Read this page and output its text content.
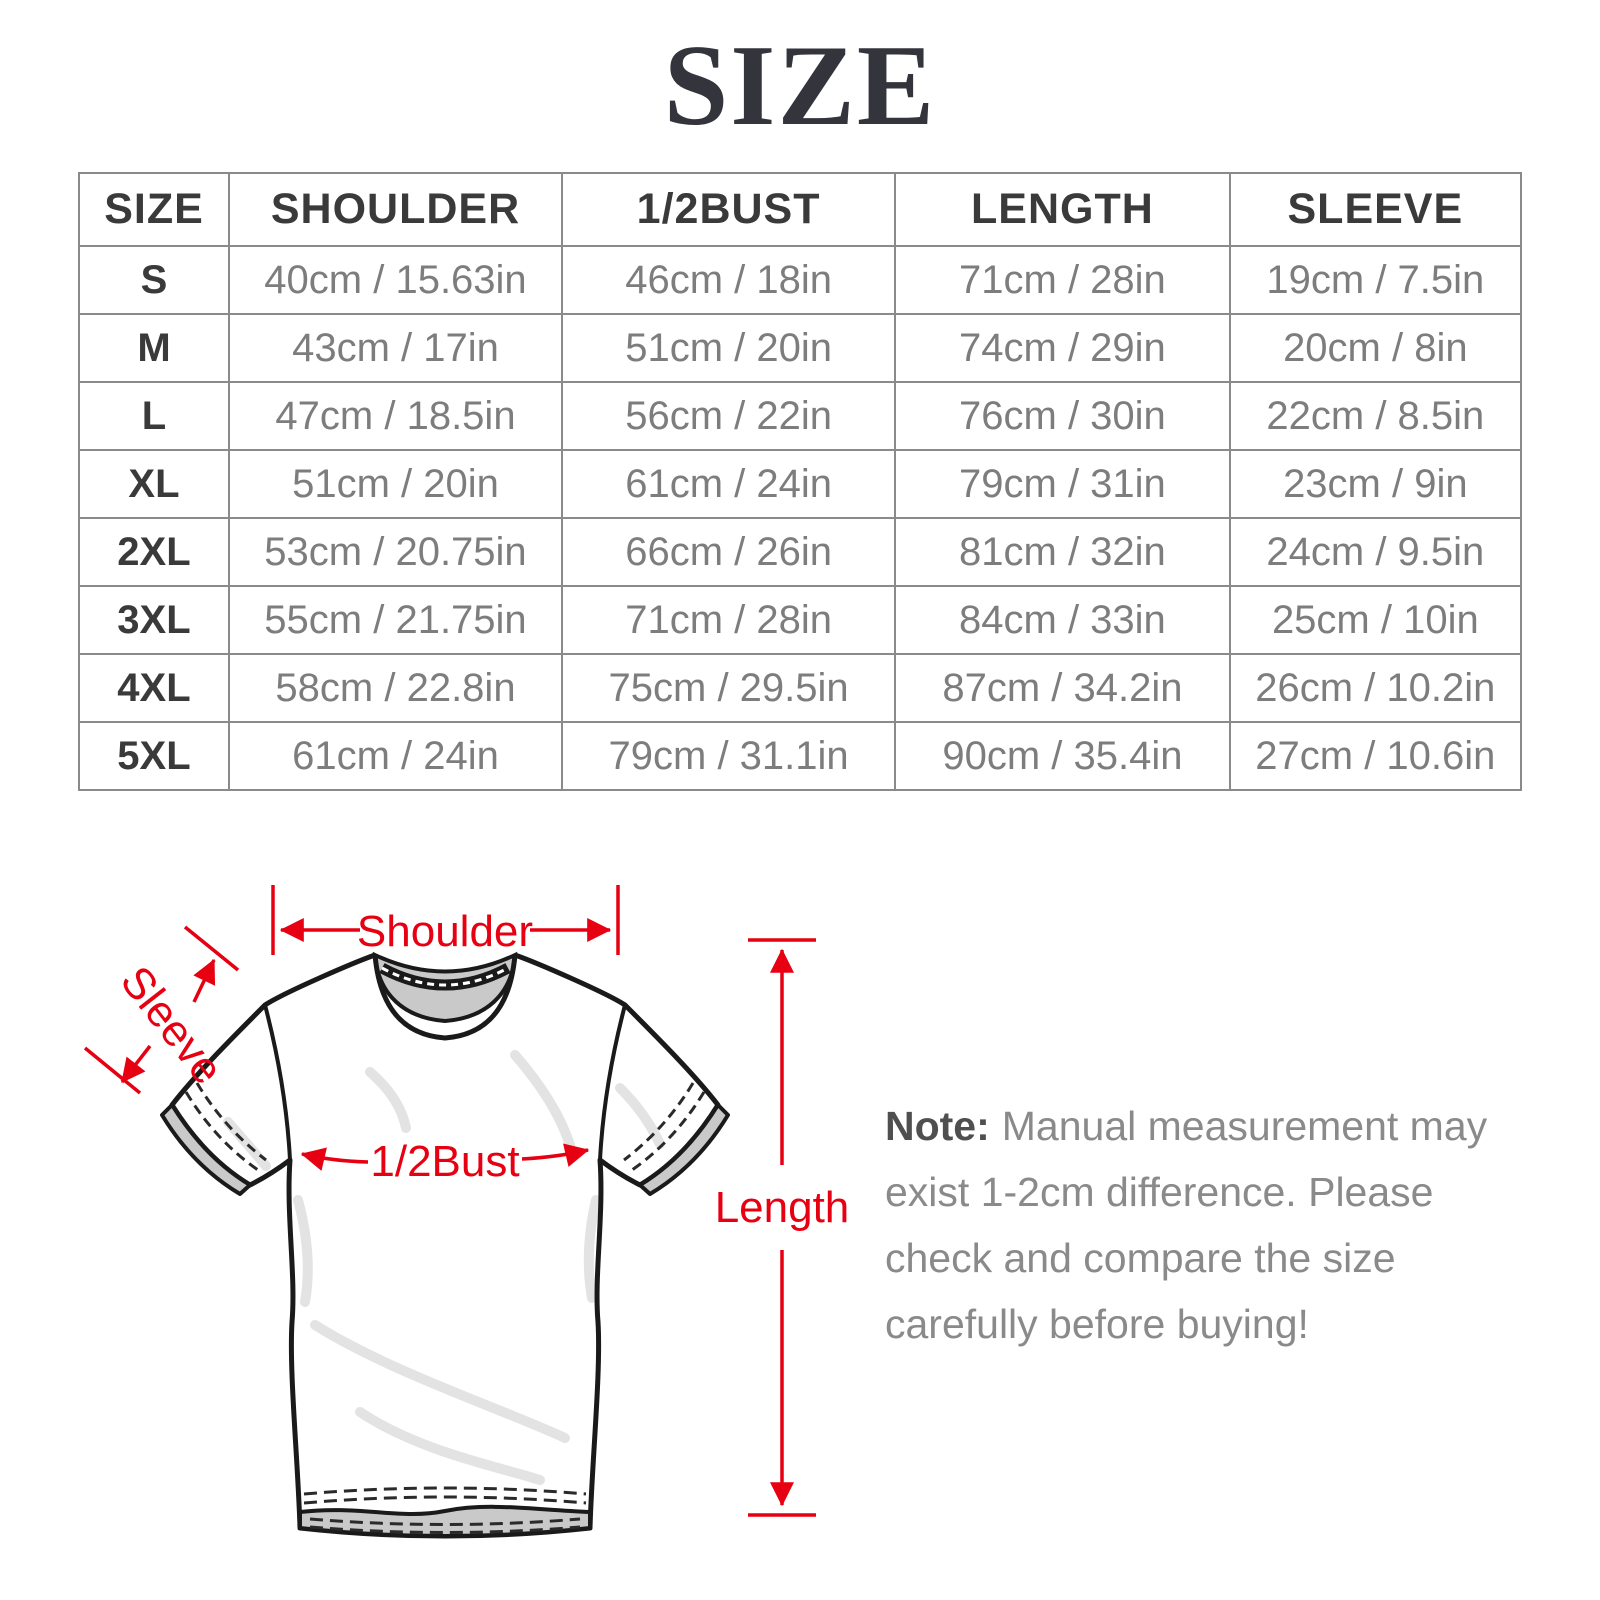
SIZE
SIZE	SHOULDER	1/2BUST	LENGTH	SLEEVE
S	40cm / 15.63in	46cm / 18in	71cm / 28in	19cm / 7.5in
M	43cm / 17in	51cm / 20in	74cm / 29in	20cm / 8in
L	47cm / 18.5in	56cm / 22in	76cm / 30in	22cm / 8.5in
XL	51cm / 20in	61cm / 24in	79cm / 31in	23cm / 9in
2XL	53cm / 20.75in	66cm / 26in	81cm / 32in	24cm / 9.5in
3XL	55cm / 21.75in	71cm / 28in	84cm / 33in	25cm / 10in
4XL	58cm / 22.8in	75cm / 29.5in	87cm / 34.2in	26cm / 10.2in
5XL	61cm / 24in	79cm / 31.1in	90cm / 35.4in	27cm / 10.6in
Shoulder
Sleeve
1/2Bust
Length

Note: Manual measurement may exist 1-2cm difference. Please check and compare the size carefully before buying!
